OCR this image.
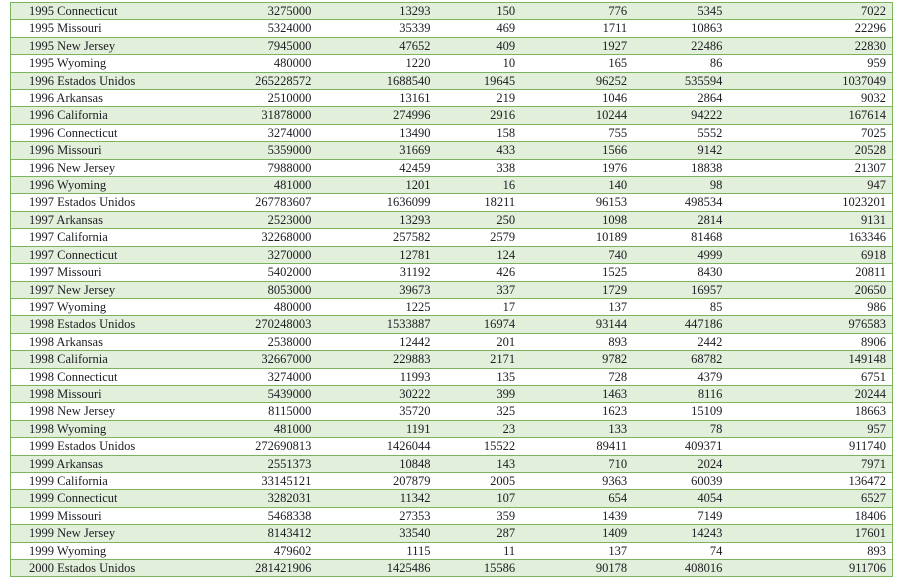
1995 Connecticut	3275000	13293	150	776	5345	7022
1995 Missouri	5324000	35339	469	1711	10863	22296
1995 New Jersey	7945000	47652	409	1927	22486	22830
1995 Wyoming	480000	1220	10	165	86	959
1996 Estados Unidos	265228572	1688540	19645	96252	535594	1037049
1996 Arkansas	2510000	13161	219	1046	2864	9032
1996 California	31878000	274996	2916	10244	94222	167614
1996 Connecticut	3274000	13490	158	755	5552	7025
1996 Missouri	5359000	31669	433	1566	9142	20528
1996 New Jersey	7988000	42459	338	1976	18838	21307
1996 Wyoming	481000	1201	16	140	98	947
1997 Estados Unidos	267783607	1636099	18211	96153	498534	1023201
1997 Arkansas	2523000	13293	250	1098	2814	9131
1997 California	32268000	257582	2579	10189	81468	163346
1997 Connecticut	3270000	12781	124	740	4999	6918
1997 Missouri	5402000	31192	426	1525	8430	20811
1997 New Jersey	8053000	39673	337	1729	16957	20650
1997 Wyoming	480000	1225	17	137	85	986
1998 Estados Unidos	270248003	1533887	16974	93144	447186	976583
1998 Arkansas	2538000	12442	201	893	2442	8906
1998 California	32667000	229883	2171	9782	68782	149148
1998 Connecticut	3274000	11993	135	728	4379	6751
1998 Missouri	5439000	30222	399	1463	8116	20244
1998 New Jersey	8115000	35720	325	1623	15109	18663
1998 Wyoming	481000	1191	23	133	78	957
1999 Estados Unidos	272690813	1426044	15522	89411	409371	911740
1999 Arkansas	2551373	10848	143	710	2024	7971
1999 California	33145121	207879	2005	9363	60039	136472
1999 Connecticut	3282031	11342	107	654	4054	6527
1999 Missouri	5468338	27353	359	1439	7149	18406
1999 New Jersey	8143412	33540	287	1409	14243	17601
1999 Wyoming	479602	1115	11	137	74	893
2000 Estados Unidos	281421906	1425486	15586	90178	408016	911706
